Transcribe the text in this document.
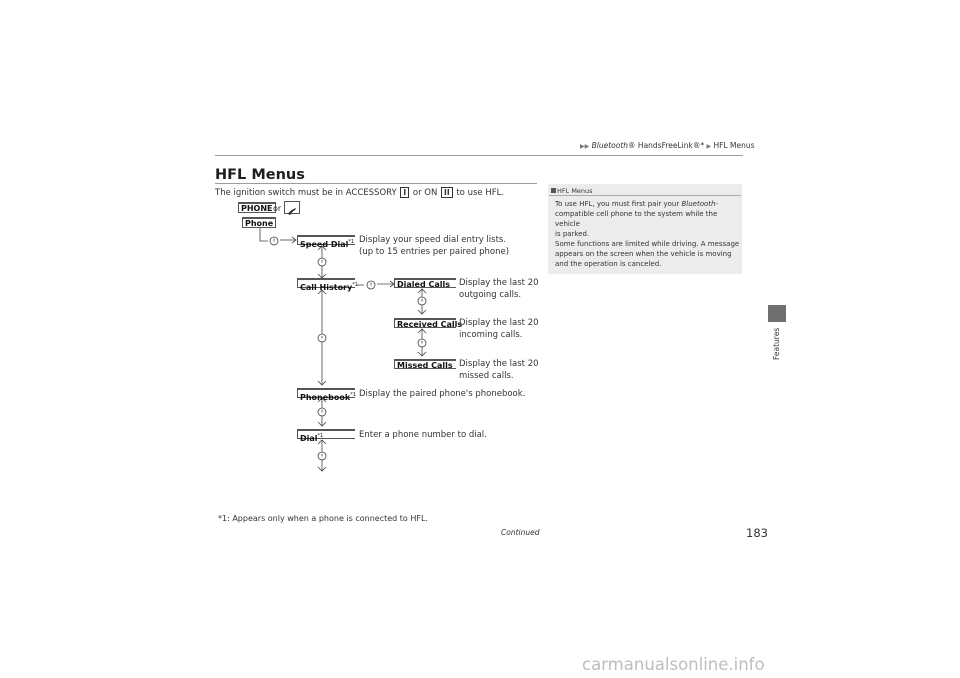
▶▶ Bluetooth® HandsFreeLink®* ▶ HFL Menus
HFL Menus
The ignition switch must be in ACCESSORY I or ON II to use HFL.
PHONE or
Phone
Speed Dial$^{*1}$ Display your speed dial entry lists.
(up to 15 entries per paired phone)
Call History$^{*1}$
Phonebook$^{*1}$ Display the paired phone's phonebook.
Dial$^{*1}$	Enter a phone number to dial.
Dialed Calls	Display the last 20
outgoing calls.
Received Calls
Display the last 20
incoming calls.
Missed Calls Display the last 20
missed calls.
HFL Menus
To use HFL, you must first pair your Bluetooth-
compatible cell phone to the system while the vehicle
is parked.
Some functions are limited while driving. A message
appears on the screen when the vehicle is moving
and the operation is canceled.
*1: Appears only when a phone is connected to HFL.
Continued	183
Features
carmanualsonline.info
